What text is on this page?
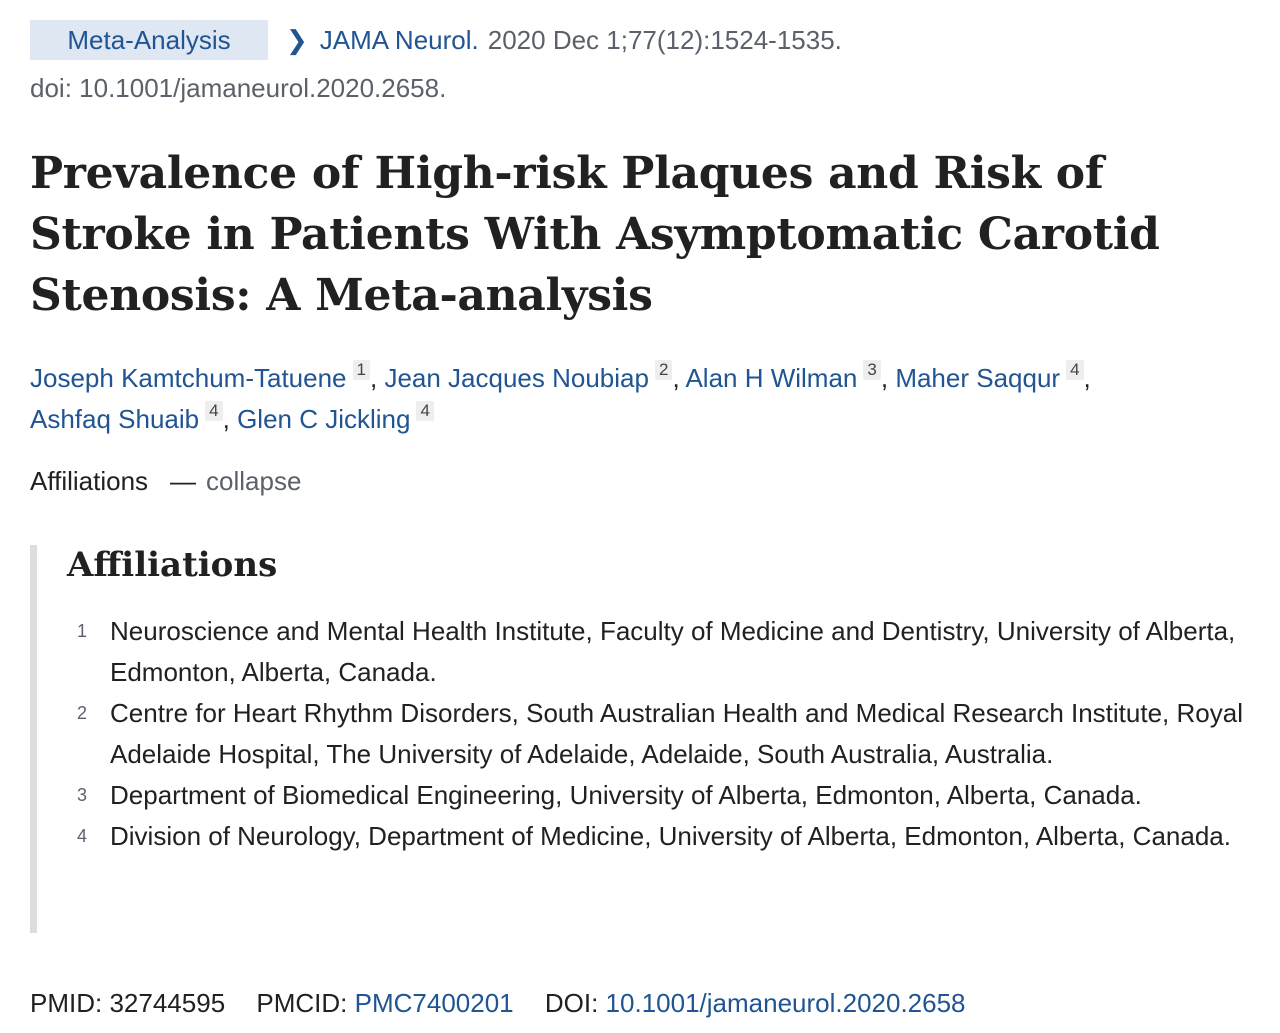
Meta-Analysis	❯ JAMA Neurol. 2020 Dec 1;77(12):1524-1535.
doi: 10.1001/jamaneurol.2020.2658.
Prevalence of High-risk Plaques and Risk of Stroke in Patients With Asymptomatic Carotid Stenosis: A Meta-analysis
Joseph Kamtchum-Tatuene 1 , Jean Jacques Noubiap 2 , Alan H Wilman 3 , Maher Saqqur 4 ,
Ashfaq Shuaib 4 , Glen C Jickling 4
Affiliations — collapse
Affiliations
1 Neuroscience and Mental Health Institute, Faculty of Medicine and Dentistry, University of Alberta, Edmonton, Alberta, Canada.
2 Centre for Heart Rhythm Disorders, South Australian Health and Medical Research Institute, Royal Adelaide Hospital, The University of Adelaide, Adelaide, South Australia, Australia.
3 Department of Biomedical Engineering, University of Alberta, Edmonton, Alberta, Canada.
4 Division of Neurology, Department of Medicine, University of Alberta, Edmonton, Alberta, Canada.
PMID: 32744595 PMCID: PMC7400201 DOI: 10.1001/jamaneurol.2020.2658
